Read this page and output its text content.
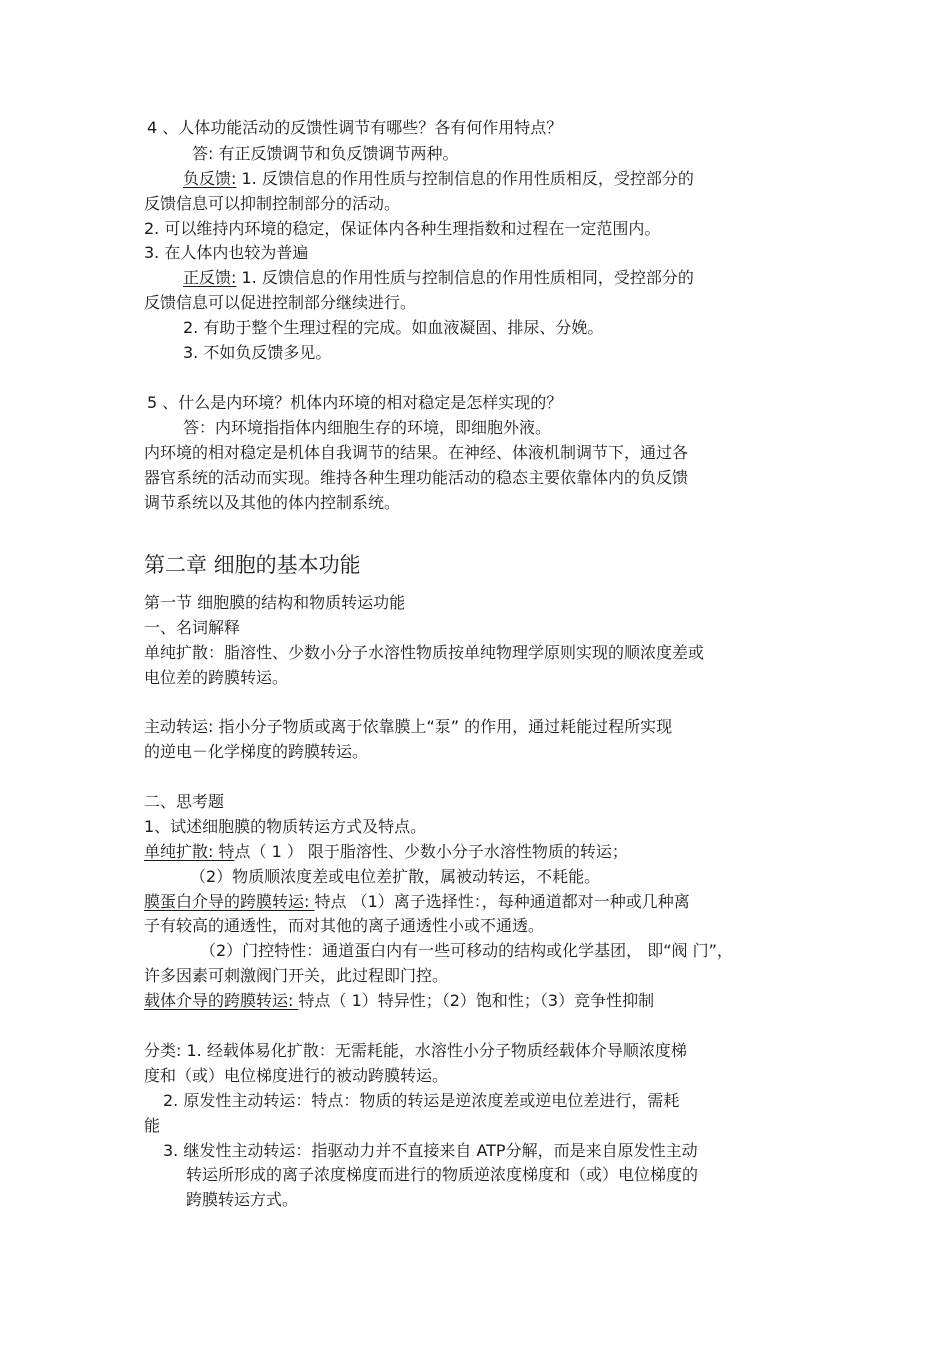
4 、人体功能活动的反馈性调节有哪些？各有何作用特点？
答: 有正反馈调节和负反馈调节两种。
负反馈: 1. 反馈信息的作用性质与控制信息的作用性质相反，受控部分的
反馈信息可以抑制控制部分的活动。
2. 可以维持内环境的稳定，保证体内各种生理指数和过程在一定范围内。
3. 在人体内也较为普遍
正反馈: 1. 反馈信息的作用性质与控制信息的作用性质相同，受控部分的
反馈信息可以促进控制部分继续进行。
2. 有助于整个生理过程的完成。如血液凝固、排尿、分娩。
3. 不如负反馈多见。
5 、什么是内环境？机体内环境的相对稳定是怎样实现的？
答：内环境指指体内细胞生存的环境，即细胞外液。
内环境的相对稳定是机体自我调节的结果。在神经、体液机制调节下，通过各
器官系统的活动而实现。维持各种生理功能活动的稳态主要依靠体内的负反馈
调节系统以及其他的体内控制系统。
第二章 细胞的基本功能
第一节 细胞膜的结构和物质转运功能
一、名词解释
单纯扩散：脂溶性、少数小分子水溶性物质按单纯物理学原则实现的顺浓度差或
电位差的跨膜转运。
主动转运: 指小分子物质或离于依靠膜上“泵” 的作用，通过耗能过程所实现
的逆电－化学梯度的跨膜转运。
二、思考题
1、试述细胞膜的物质转运方式及特点。
单纯扩散: 特点（ 1 ） 限于脂溶性、少数小分子水溶性物质的转运；
（2）物质顺浓度差或电位差扩散，属被动转运，不耗能。
膜蛋白介导的跨膜转运: 特点 （1）离子选择性：，每种通道都对一种或几种离
子有较高的通透性，而对其他的离子通透性小或不通透。
（2）门控特性：通道蛋白内有一些可移动的结构或化学基团， 即“阀 门”，
许多因素可刺激阀门开关，此过程即门控。
载体介导的跨膜转运: 特点（ 1）特异性；（2）饱和性；（3）竞争性抑制
分类: 1. 经载体易化扩散：无需耗能，水溶性小分子物质经载体介导顺浓度梯
度和（或）电位梯度进行的被动跨膜转运。
2. 原发性主动转运：特点：物质的转运是逆浓度差或逆电位差进行，需耗
能
3. 继发性主动转运：指驱动力并不直接来自 ATP分解，而是来自原发性主动
转运所形成的离子浓度梯度而进行的物质逆浓度梯度和（或）电位梯度的
跨膜转运方式。
